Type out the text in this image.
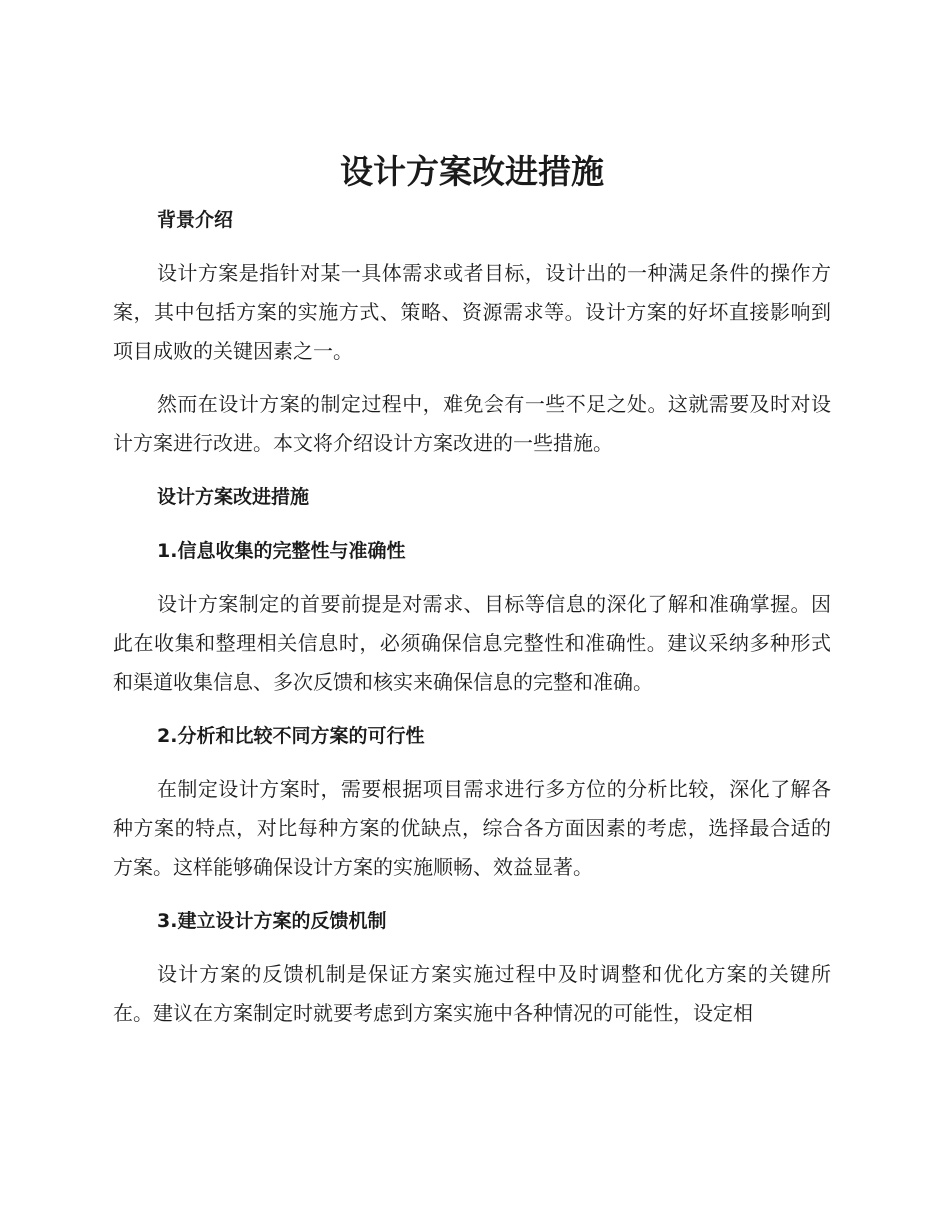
设计方案改进措施
背景介绍

设计方案是指针对某一具体需求或者目标，设计出的一种满足条件的操作方案，其中包括方案的实施方式、策略、资源需求等。设计方案的好坏直接影响到项目成败的关键因素之一。

然而在设计方案的制定过程中，难免会有一些不足之处。这就需要及时对设计方案进行改进。本文将介绍设计方案改进的一些措施。

设计方案改进措施
1.信息收集的完整性与准确性

设计方案制定的首要前提是对需求、目标等信息的深化了解和准确掌握。因此在收集和整理相关信息时，必须确保信息完整性和准确性。建议采纳多种形式和渠道收集信息、多次反馈和核实来确保信息的完整和准确。

2.分析和比较不同方案的可行性

在制定设计方案时，需要根据项目需求进行多方位的分析比较，深化了解各种方案的特点，对比每种方案的优缺点，综合各方面因素的考虑，选择最合适的方案。这样能够确保设计方案的实施顺畅、效益显著。

3.建立设计方案的反馈机制

设计方案的反馈机制是保证方案实施过程中及时调整和优化方案的关键所在。建议在方案制定时就要考虑到方案实施中各种情况的可能性，设定相
